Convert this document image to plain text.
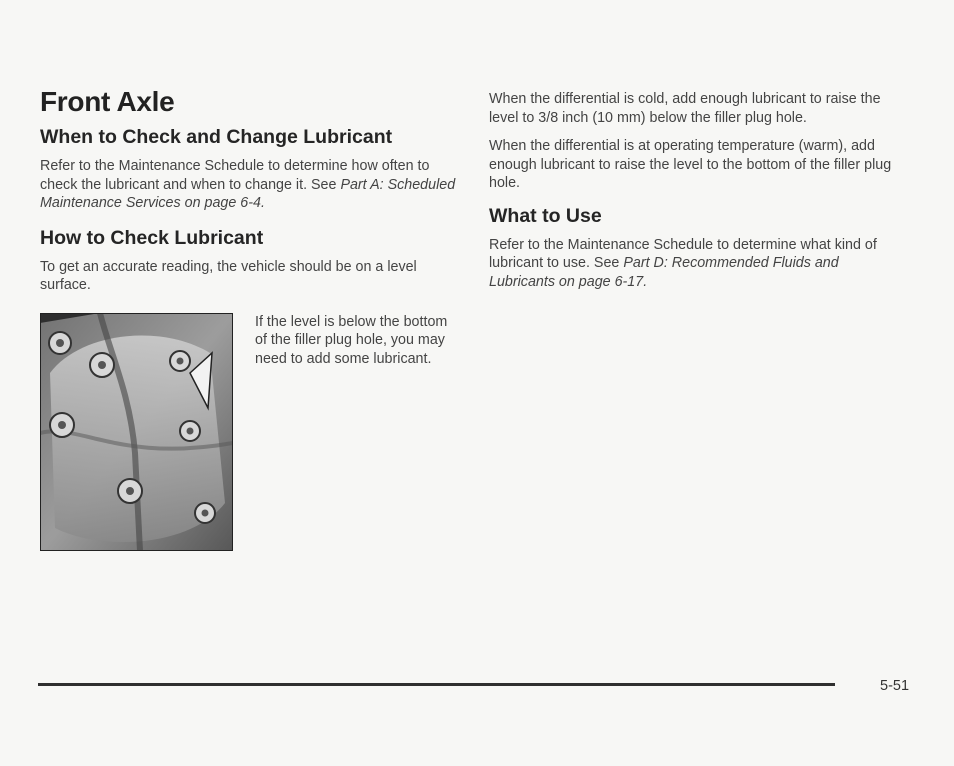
Front Axle
When to Check and Change Lubricant

Refer to the Maintenance Schedule to determine how often to check the lubricant and when to change it. See Part A: Scheduled Maintenance Services on page 6-4.

How to Check Lubricant

To get an accurate reading, the vehicle should be on a level surface.

If the level is below the bottom of the filler plug hole, you may need to add some lubricant.

When the differential is cold, add enough lubricant to raise the level to 3/8 inch (10 mm) below the filler plug hole.

When the differential is at operating temperature (warm), add enough lubricant to raise the level to the bottom of the filler plug hole.

What to Use

Refer to the Maintenance Schedule to determine what kind of lubricant to use. See Part D: Recommended Fluids and Lubricants on page 6-17.

5-51
